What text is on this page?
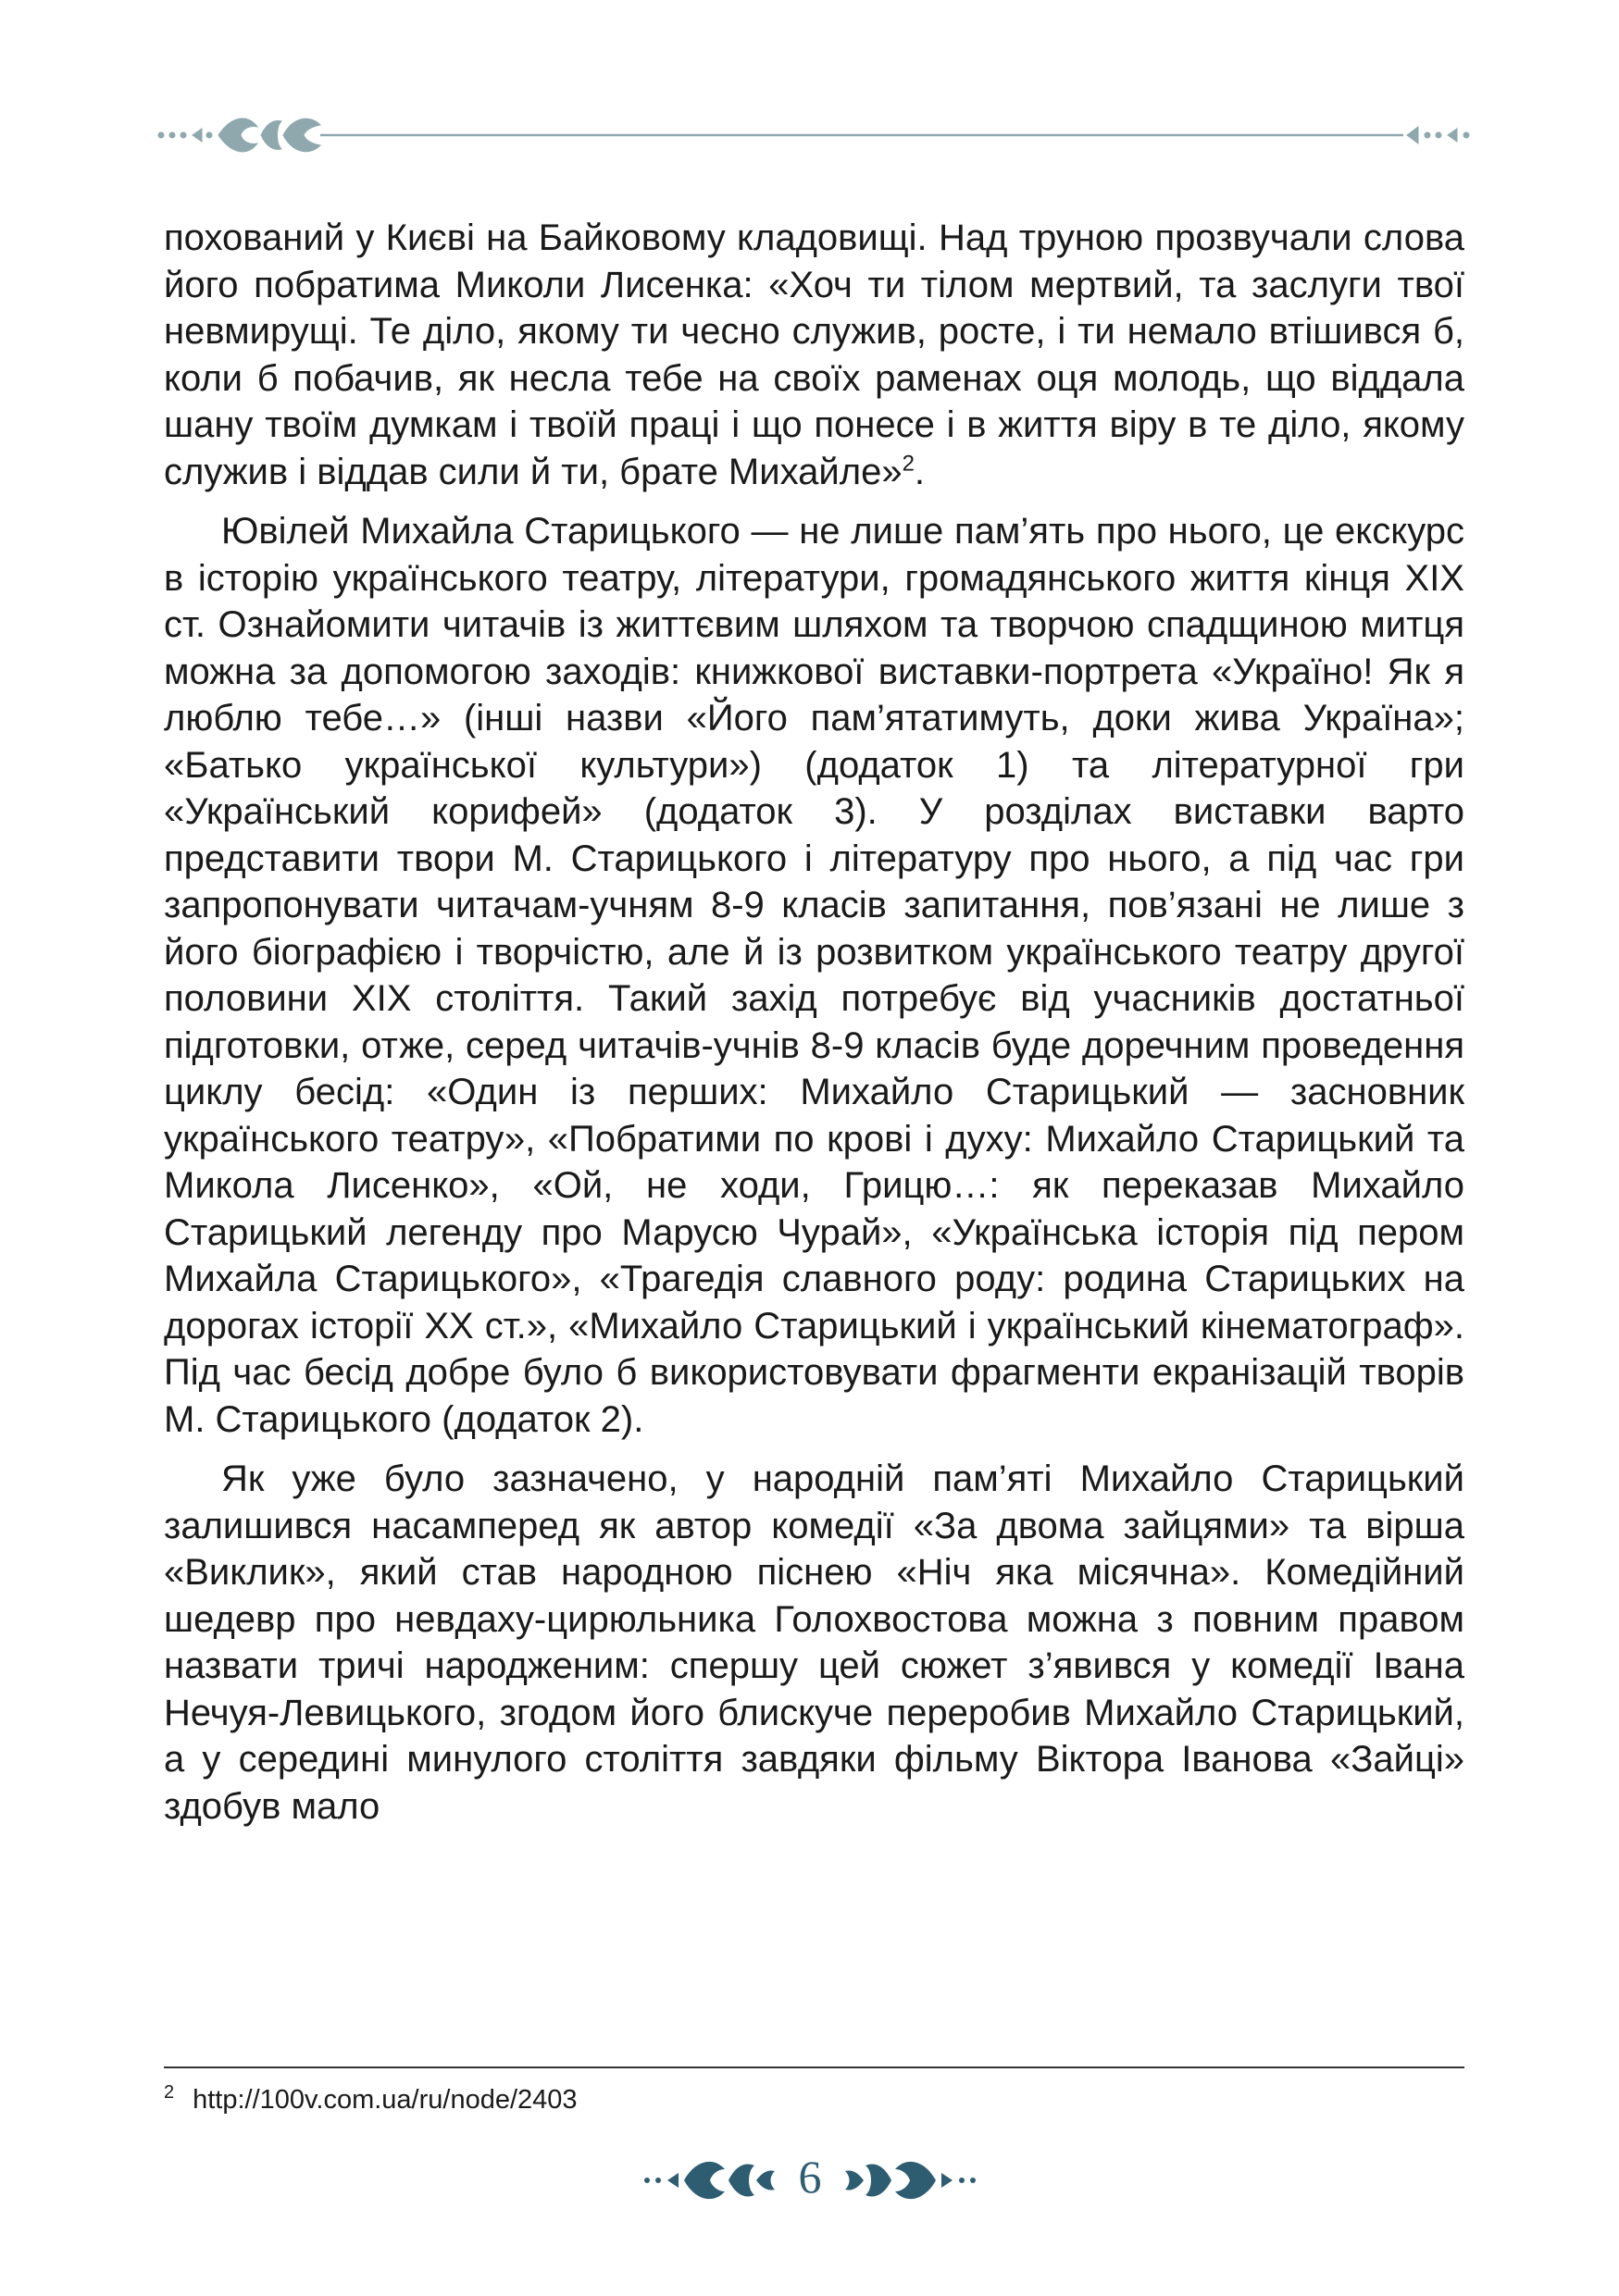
похований у Києві на Байковому кладовищі. Над труною прозвучали слова його побратима Миколи Лисенка: «Хоч ти тілом мертвий, та заслуги твої невмирущі. Те діло, якому ти чесно служив, росте, і ти немало втішився б, коли б побачив, як несла тебе на своїх раменах оця молодь, що віддала шану твоїм думкам і твоїй праці і що понесе і в життя віру в те діло, якому служив і віддав сили й ти, брате Михайле»$^2$.

Ювілей Михайла Старицького — не лише пам’ять про нього, це екскурс в історію українського театру, літератури, громадянського життя кінця ХІХ ст. Ознайомити читачів із життєвим шляхом та творчою спадщиною митця можна за допомогою заходів: книжкової виставки-портрета «Україно! Як я люблю тебе…» (інші назви «Його пам’ятатимуть, доки жива Україна»; «Батько української культури») (додаток 1) та літературної гри «Український корифей» (додаток 3). У розділах виставки варто представити твори М. Старицького і літературу про нього, а під час гри запропонувати читачам-учням 8-9 класів запитання, пов’язані не лише з його біографією і творчістю, але й із розвитком українського театру другої половини ХІХ століття. Такий захід потребує від учасників достатньої підготовки, отже, серед читачів-учнів 8-9 класів буде доречним проведення циклу бесід: «Один із перших: Михайло Старицький — засновник українського театру», «Побратими по крові і духу: Михайло Старицький та Микола Лисенко», «Ой, не ходи, Грицю…: як переказав Михайло Старицький легенду про Марусю Чурай», «Українська історія під пером Михайла Старицького», «Трагедія славного роду: родина Старицьких на дорогах історії ХХ ст.», «Михайло Старицький і український кінематограф». Під час бесід добре було б використовувати фрагменти екранізацій творів М. Старицького (додаток 2).

Як уже було зазначено, у народній пам’яті Михайло Старицький залишився насамперед як автор комедії «За двома зайцями» та вірша «Виклик», який став народною піснею «Ніч яка місячна». Комедійний шедевр про невдаху-цирюльника Голохвостова можна з повним правом назвати тричі народженим: спершу цей сюжет з’явився у комедії Івана Нечуя-Левицького, згодом його блискуче переробив Михайло Старицький, а у середині минулого століття завдяки фільму Віктора Іванова «Зайці» здобув мало

$^2$ http://100v.com.ua/ru/node/2403
6
